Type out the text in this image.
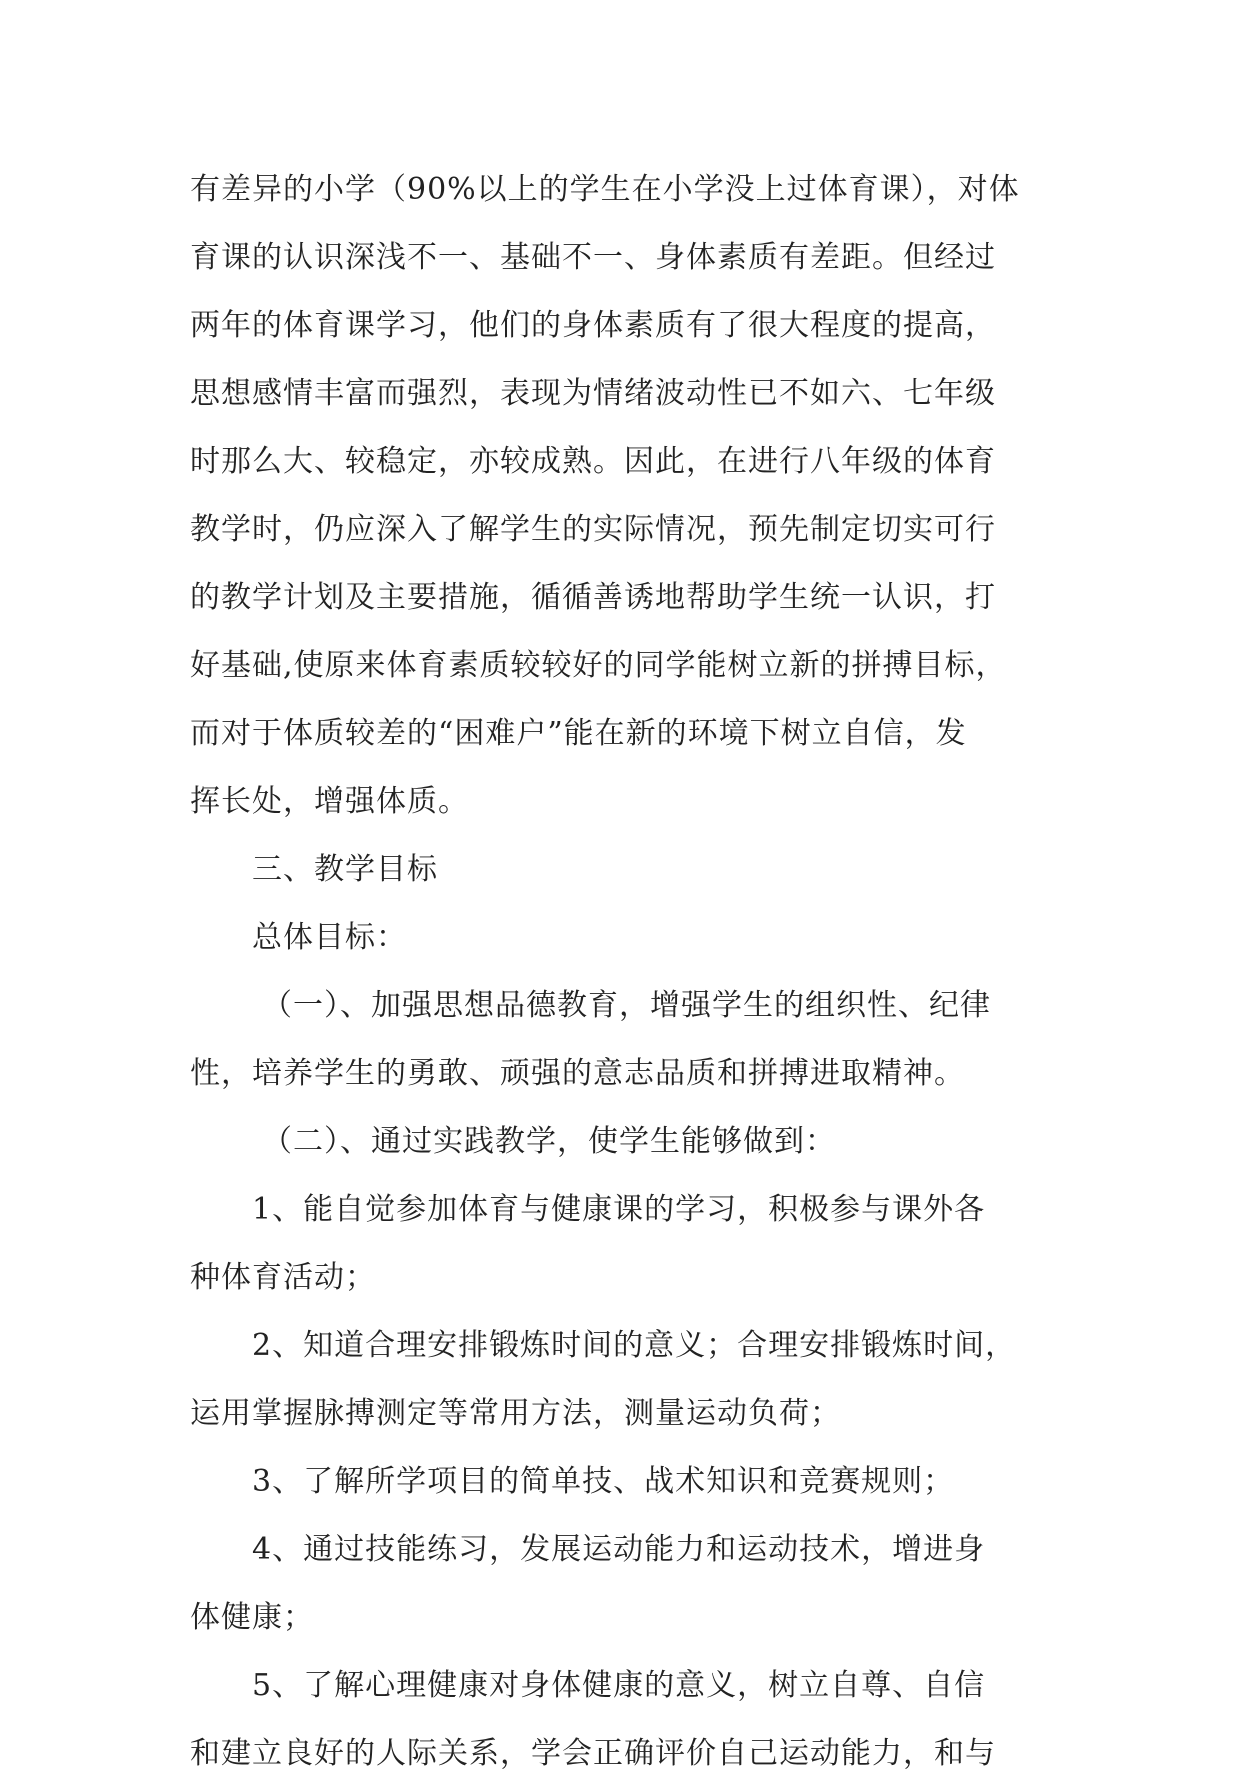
有差异的小学（90%以上的学生在小学没上过体育课），对体
育课的认识深浅不一、基础不一、身体素质有差距。但经过
两年的体育课学习，他们的身体素质有了很大程度的提高，
思想感情丰富而强烈，表现为情绪波动性已不如六、七年级
时那么大、较稳定，亦较成熟。因此，在进行八年级的体育
教学时，仍应深入了解学生的实际情况，预先制定切实可行
的教学计划及主要措施，循循善诱地帮助学生统一认识，打
好基础,使原来体育素质较较好的同学能树立新的拼搏目标，
而对于体质较差的“困难户”能在新的环境下树立自信，发
挥长处，增强体质。
三、教学目标
总体目标：
（一）、加强思想品德教育，增强学生的组织性、纪律
性，培养学生的勇敢、顽强的意志品质和拼搏进取精神。
（二）、通过实践教学，使学生能够做到：
1、能自觉参加体育与健康课的学习，积极参与课外各
种体育活动；
2、知道合理安排锻炼时间的意义；合理安排锻炼时间，
运用掌握脉搏测定等常用方法，测量运动负荷；
3、了解所学项目的简单技、战术知识和竞赛规则；
4、通过技能练习，发展运动能力和运动技术，增进身
体健康；
5、了解心理健康对身体健康的意义，树立自尊、自信
和建立良好的人际关系，学会正确评价自己运动能力，和与
